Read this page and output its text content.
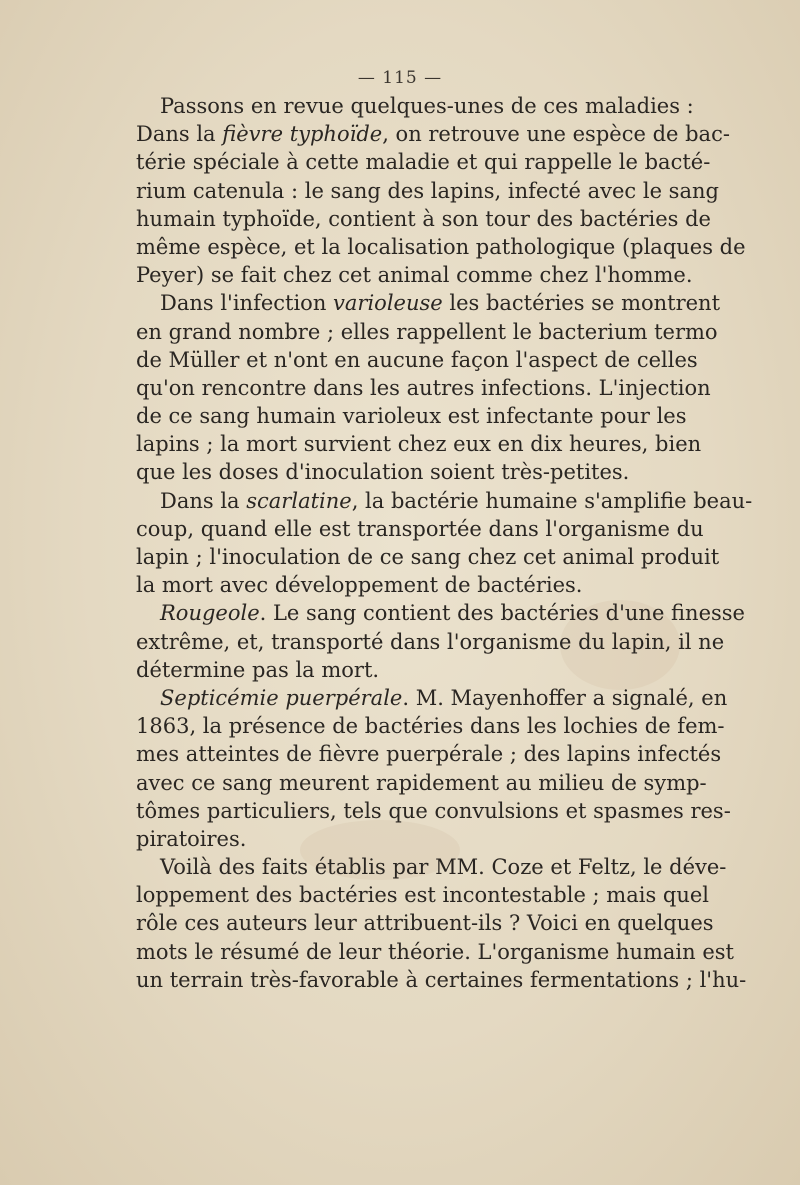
— 115 —
Passons en revue quelques-unes de ces maladies :
Dans la fièvre typhoïde, on retrouve une espèce de bac-
térie spéciale à cette maladie et qui rappelle le bacté-
rium catenula : le sang des lapins, infecté avec le sang
humain typhoïde, contient à son tour des bactéries de
même espèce, et la localisation pathologique (plaques de
Peyer) se fait chez cet animal comme chez l'homme.
Dans l'infection varioleuse les bactéries se montrent
en grand nombre ; elles rappellent le bacterium termo
de Müller et n'ont en aucune façon l'aspect de celles
qu'on rencontre dans les autres infections. L'injection
de ce sang humain varioleux est infectante pour les
lapins ; la mort survient chez eux en dix heures, bien
que les doses d'inoculation soient très-petites.
Dans la scarlatine, la bactérie humaine s'amplifie beau-
coup, quand elle est transportée dans l'organisme du
lapin ; l'inoculation de ce sang chez cet animal produit
la mort avec développement de bactéries.
Rougeole. Le sang contient des bactéries d'une finesse
extrême, et, transporté dans l'organisme du lapin, il ne
détermine pas la mort.
Septicémie puerpérale. M. Mayenhoffer a signalé, en
1863, la présence de bactéries dans les lochies de fem-
mes atteintes de fièvre puerpérale ; des lapins infectés
avec ce sang meurent rapidement au milieu de symp-
tômes particuliers, tels que convulsions et spasmes res-
piratoires.
Voilà des faits établis par MM. Coze et Feltz, le déve-
loppement des bactéries est incontestable ; mais quel
rôle ces auteurs leur attribuent-ils ? Voici en quelques
mots le résumé de leur théorie. L'organisme humain est
un terrain très-favorable à certaines fermentations ; l'hu-
